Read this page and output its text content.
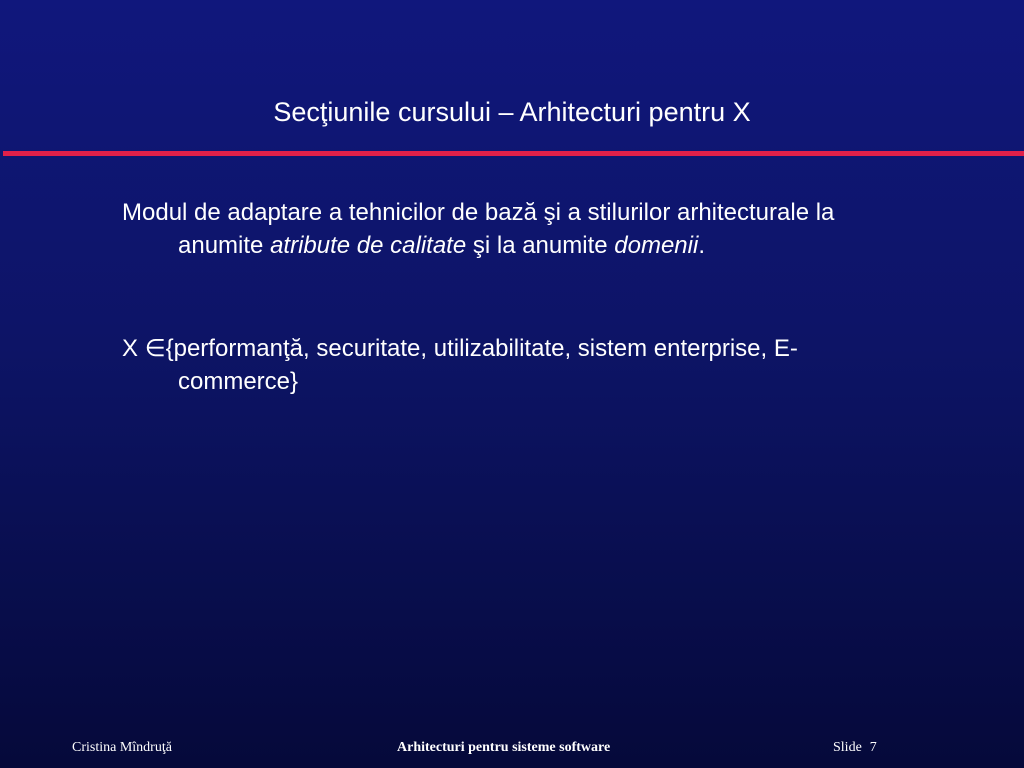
Secţiunile cursului – Arhitecturi pentru X
Modul de adaptare a tehnicilor de bază şi a stilurilor arhitecturale la
anumite atribute de calitate şi la anumite domenii.
X ∈{performanţă, securitate, utilizabilitate, sistem enterprise, E-
commerce}
Cristina Mîndruţă	Arhitecturi pentru sisteme software	Slide 7
